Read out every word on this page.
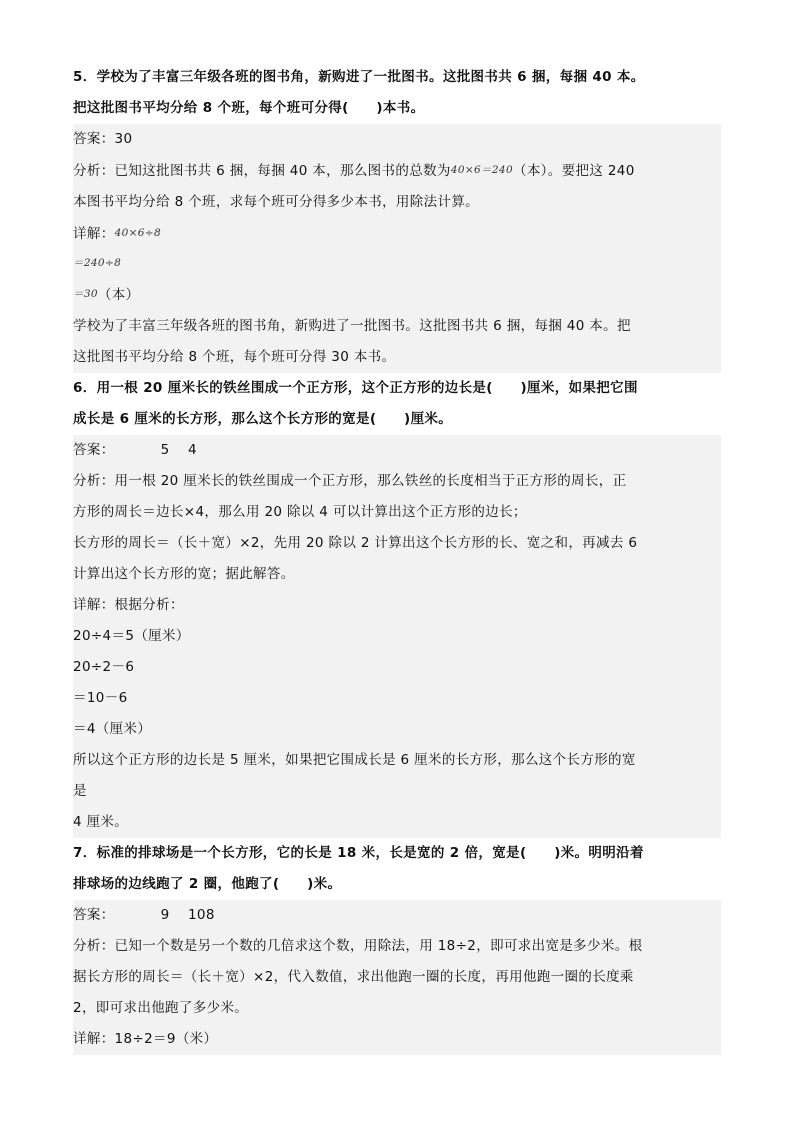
5．学校为了丰富三年级各班的图书角，新购进了一批图书。这批图书共 6 捆，每捆 40 本。
把这批图书平均分给 8 个班，每个班可分得(　　)本书。
答案：30
分析：已知这批图书共 6 捆，每捆 40 本，那么图书的总数为40×6＝240（本）。要把这 240
本图书平均分给 8 个班，求每个班可分得多少本书，用除法计算。
详解：40×6÷8
＝240÷8
＝30（本）
学校为了丰富三年级各班的图书角，新购进了一批图书。这批图书共 6 捆，每捆 40 本。把
这批图书平均分给 8 个班，每个班可分得 30 本书。
6．用一根 20 厘米长的铁丝围成一个正方形，这个正方形的边长是(　　)厘米，如果把它围
成长是 6 厘米的长方形，那么这个长方形的宽是(　　)厘米。
答案：	5　 4
分析：用一根 20 厘米长的铁丝围成一个正方形，那么铁丝的长度相当于正方形的周长，正
方形的周长＝边长×4，那么用 20 除以 4 可以计算出这个正方形的边长；
长方形的周长＝（长＋宽）×2，先用 20 除以 2 计算出这个长方形的长、宽之和，再减去 6
计算出这个长方形的宽；据此解答。
详解：根据分析：
20÷4＝5（厘米）
20÷2－6
＝10－6
＝4（厘米）
所以这个正方形的边长是 5 厘米，如果把它围成长是 6 厘米的长方形，那么这个长方形的宽
是
4 厘米。
7．标准的排球场是一个长方形，它的长是 18 米，长是宽的 2 倍，宽是(　　)米。明明沿着
排球场的边线跑了 2 圈，他跑了(　　)米。
答案：	9　 108
分析：已知一个数是另一个数的几倍求这个数，用除法，用 18÷2，即可求出宽是多少米。根
据长方形的周长＝（长＋宽）×2，代入数值，求出他跑一圈的长度，再用他跑一圈的长度乘
2，即可求出他跑了多少米。
详解：18÷2＝9（米）
